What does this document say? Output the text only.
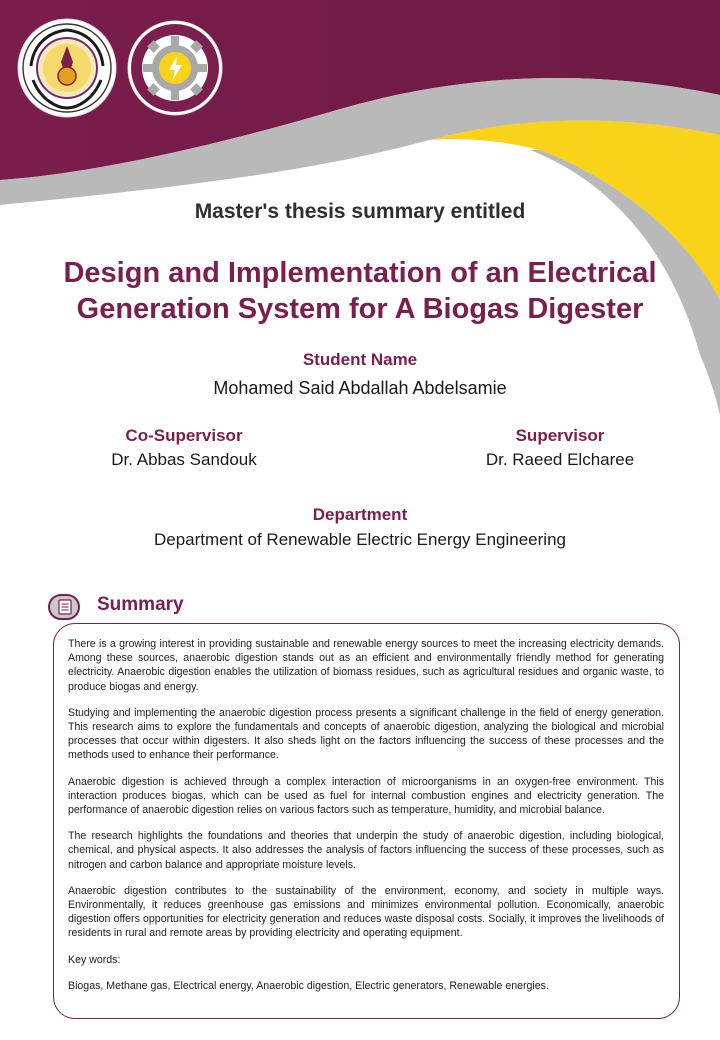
Master's thesis summary entitled
Design and Implementation of an Electrical
Generation System for A Biogas Digester
Student Name
Mohamed Said Abdallah Abdelsamie
Co-Supervisor
Dr. Abbas Sandouk
Supervisor
Dr. Raeed Elcharee
Department
Department of Renewable Electric Energy Engineering
Summary

There is a growing interest in providing sustainable and renewable energy sources to meet the increasing electricity demands. Among these sources, anaerobic digestion stands out as an efficient and environmentally friendly method for generating electricity. Anaerobic digestion enables the utilization of biomass residues, such as agricultural residues and organic waste, to produce biogas and energy.

Studying and implementing the anaerobic digestion process presents a significant challenge in the field of energy generation. This research aims to explore the fundamentals and concepts of anaerobic digestion, analyzing the biological and microbial processes that occur within digesters. It also sheds light on the factors influencing the success of these processes and the methods used to enhance their performance.

Anaerobic digestion is achieved through a complex interaction of microorganisms in an oxygen-free environment. This interaction produces biogas, which can be used as fuel for internal combustion engines and electricity generation. The performance of anaerobic digestion relies on various factors such as temperature, humidity, and microbial balance.

The research highlights the foundations and theories that underpin the study of anaerobic digestion, including biological, chemical, and physical aspects. It also addresses the analysis of factors influencing the success of these processes, such as nitrogen and carbon balance and appropriate moisture levels.

Anaerobic digestion contributes to the sustainability of the environment, economy, and society in multiple ways. Environmentally, it reduces greenhouse gas emissions and minimizes environmental pollution. Economically, anaerobic digestion offers opportunities for electricity generation and reduces waste disposal costs. Socially, it improves the livelihoods of residents in rural and remote areas by providing electricity and operating equipment.

Key words:

Biogas, Methane gas, Electrical energy, Anaerobic digestion, Electric generators, Renewable energies.
